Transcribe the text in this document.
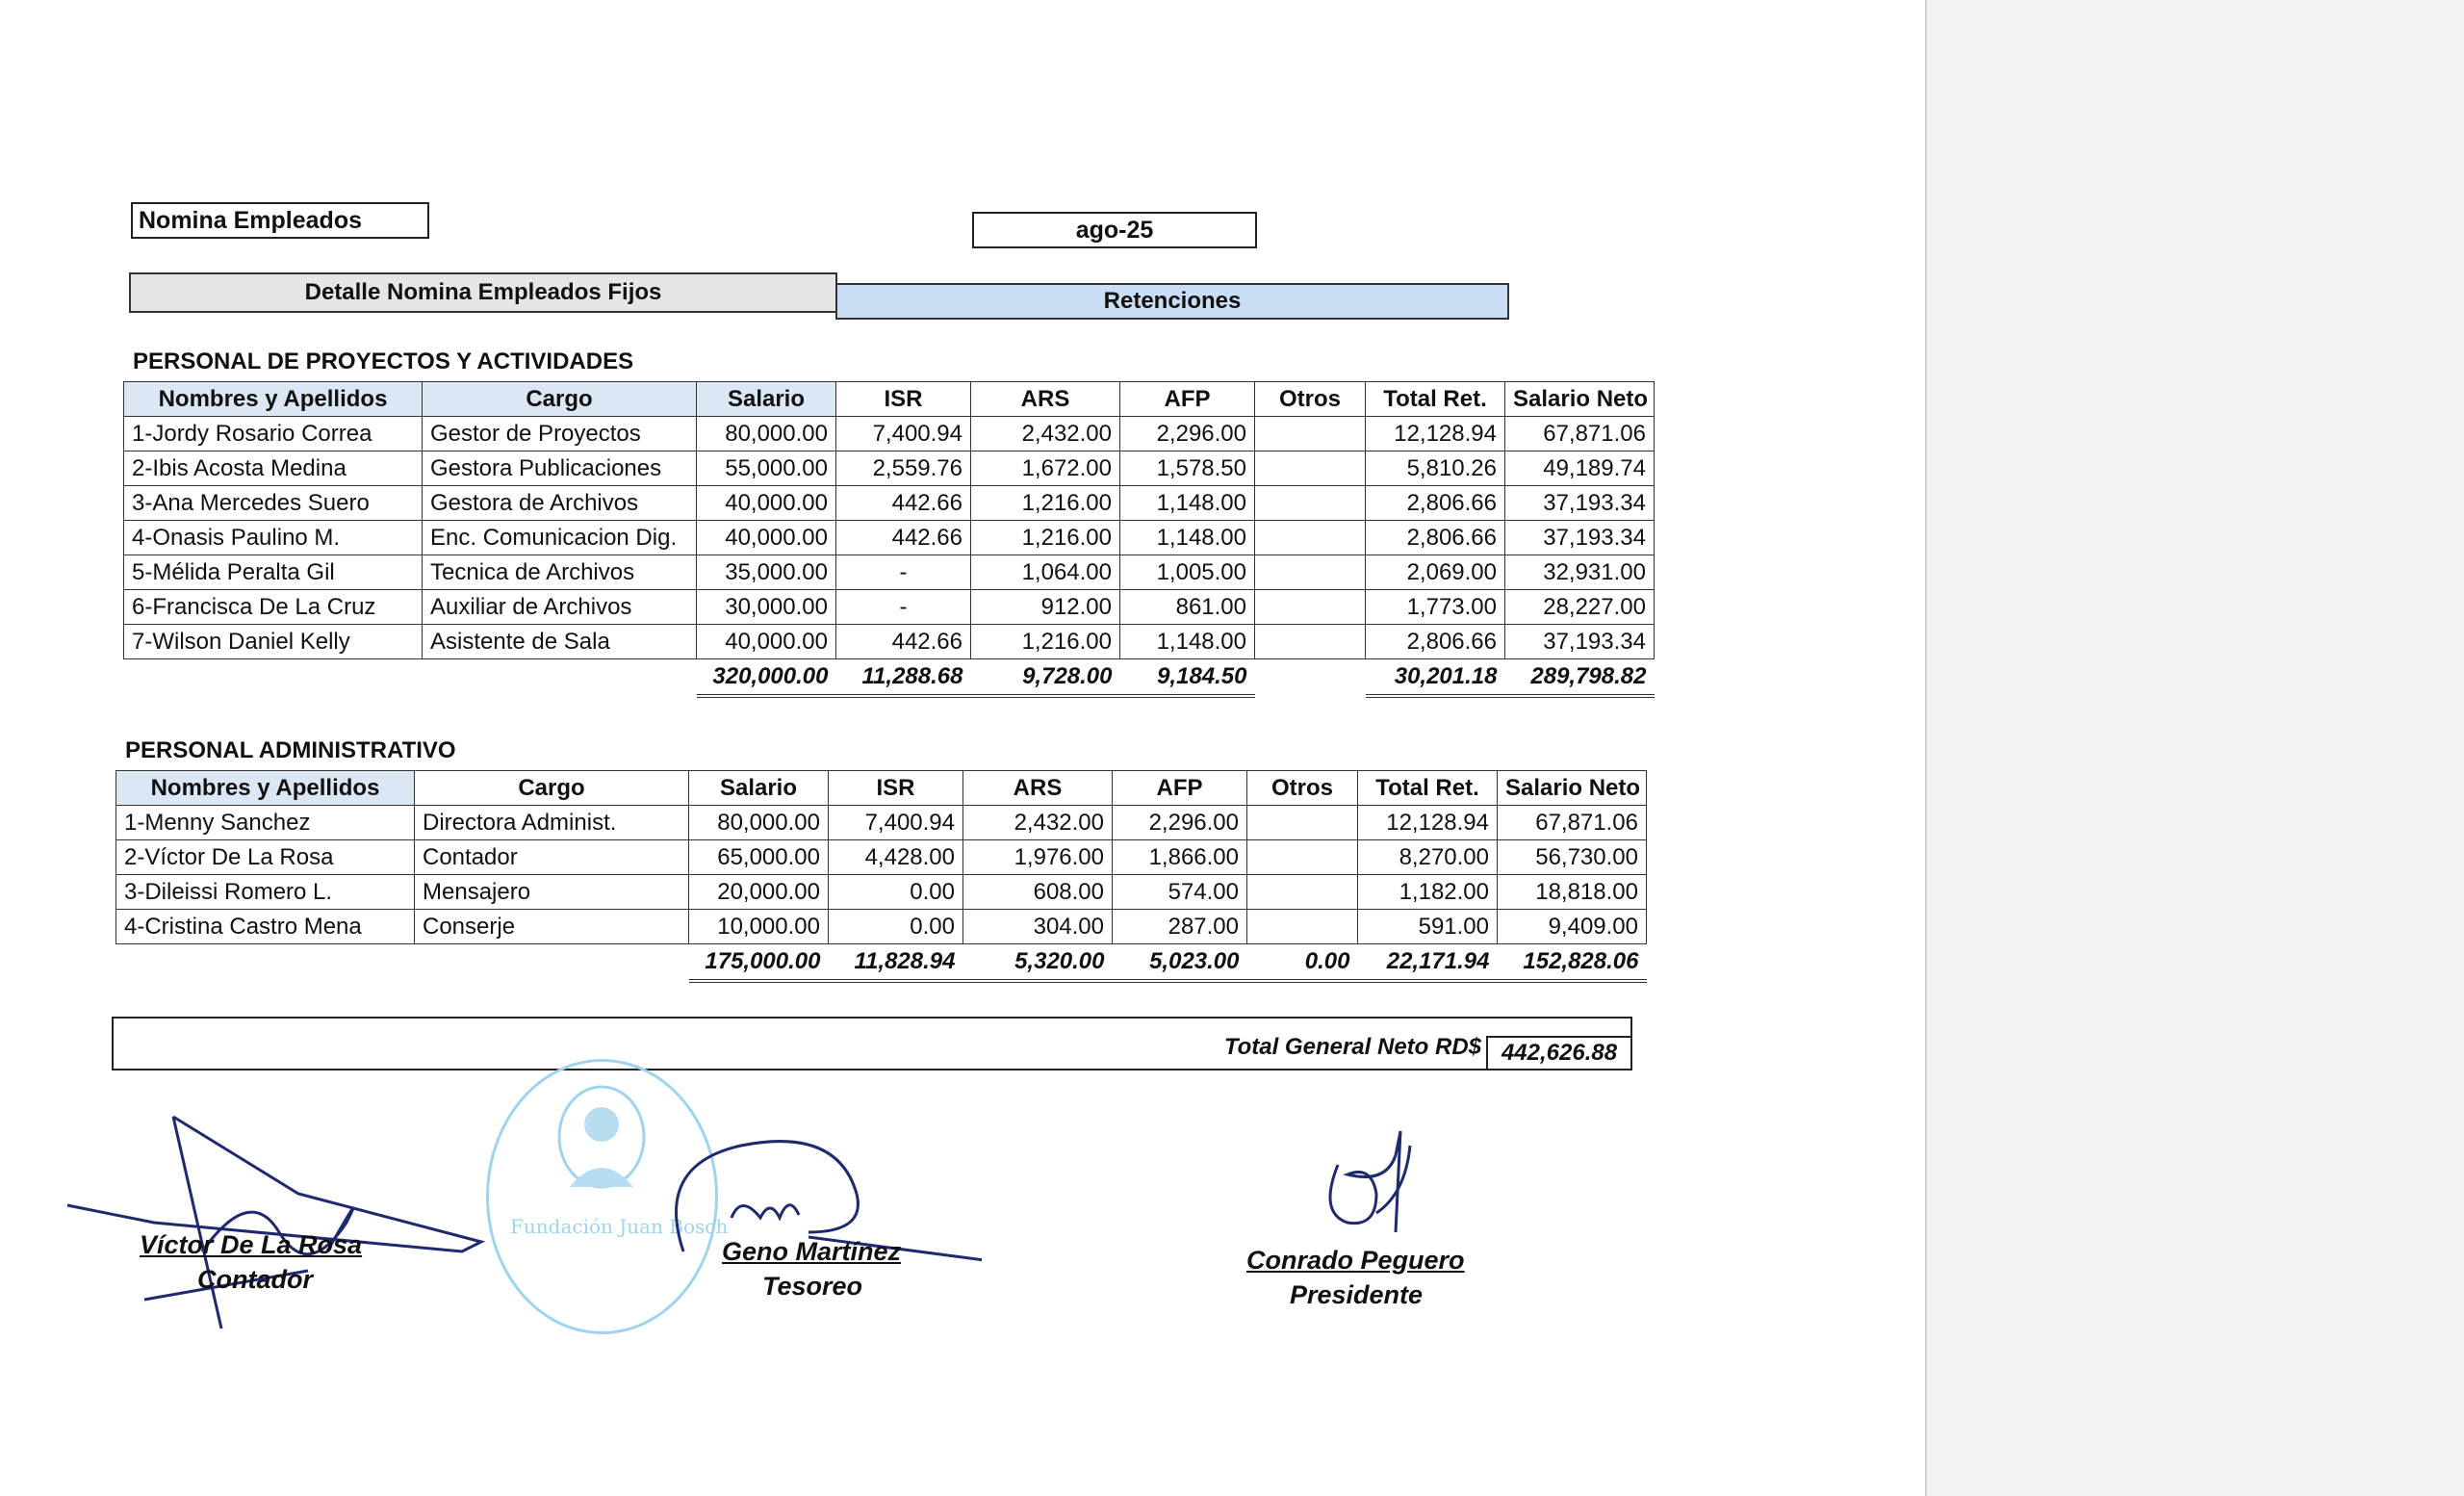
Nomina Empleados	ago-25
Detalle Nomina Empleados Fijos	Retenciones
PERSONAL DE PROYECTOS Y ACTIVIDADES
Nombres y Apellidos	Cargo	Salario	ISR	ARS	AFP	Otros	Total Ret.	Salario Neto
1-Jordy Rosario Correa	Gestor de Proyectos	80,000.00	7,400.94	2,432.00	2,296.00		12,128.94	67,871.06
2-Ibis Acosta Medina	Gestora Publicaciones	55,000.00	2,559.76	1,672.00	1,578.50		5,810.26	49,189.74
3-Ana Mercedes Suero	Gestora de Archivos	40,000.00	442.66	1,216.00	1,148.00		2,806.66	37,193.34
4-Onasis Paulino M.	Enc. Comunicacion Dig.	40,000.00	442.66	1,216.00	1,148.00		2,806.66	37,193.34
5-Mélida Peralta Gil	Tecnica de Archivos	35,000.00	-	1,064.00	1,005.00		2,069.00	32,931.00
6-Francisca De La Cruz	Auxiliar de Archivos	30,000.00	-	912.00	861.00		1,773.00	28,227.00
7-Wilson Daniel Kelly	Asistente de Sala	40,000.00	442.66	1,216.00	1,148.00		2,806.66	37,193.34
		320,000.00	11,288.68	9,728.00	9,184.50		30,201.18	289,798.82
PERSONAL ADMINISTRATIVO
Nombres y Apellidos	Cargo	Salario	ISR	ARS	AFP	Otros	Total Ret.	Salario Neto
1-Menny Sanchez	Directora Administ.	80,000.00	7,400.94	2,432.00	2,296.00		12,128.94	67,871.06
2-Víctor De La Rosa	Contador	65,000.00	4,428.00	1,976.00	1,866.00		8,270.00	56,730.00
3-Dileissi Romero L.	Mensajero	20,000.00	0.00	608.00	574.00		1,182.00	18,818.00
4-Cristina Castro Mena	Conserje	10,000.00	0.00	304.00	287.00		591.00	9,409.00
		175,000.00	11,828.94	5,320.00	5,023.00	0.00	22,171.94	152,828.06
Total General Neto RD$ 442,626.88
Fundación Juan Bosch
Víctor De La Rosa
Contador
Geno Martínez
Tesoreo
Conrado Peguero
Presidente
